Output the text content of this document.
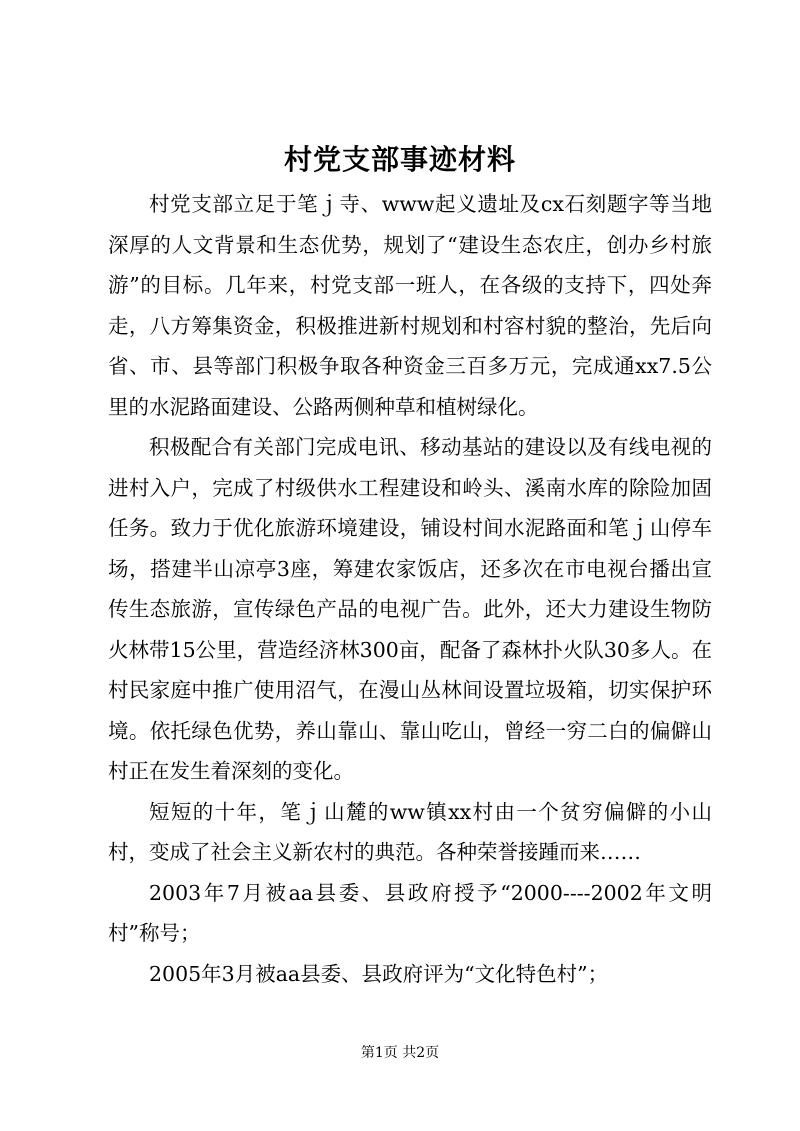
村党支部事迹材料

村党支部立足于笔ｊ寺、www起义遗址及cx石刻题字等当地深厚的人文背景和生态优势，规划了“建设生态农庄，创办乡村旅游”的目标。几年来，村党支部一班人，在各级的支持下，四处奔走，八方筹集资金，积极推进新村规划和村容村貌的整治，先后向省、市、县等部门积极争取各种资金三百多万元，完成通xx7.5公里的水泥路面建设、公路两侧种草和植树绿化。

积极配合有关部门完成电讯、移动基站的建设以及有线电视的进村入户，完成了村级供水工程建设和岭头、溪南水库的除险加固任务。致力于优化旅游环境建设，铺设村间水泥路面和笔ｊ山停车场，搭建半山凉亭3座，筹建农家饭店，还多次在市电视台播出宣传生态旅游，宣传绿色产品的电视广告。此外，还大力建设生物防火林带15公里，营造经济林300亩，配备了森林扑火队30多人。在村民家庭中推广使用沼气，在漫山丛林间设置垃圾箱，切实保护环境。依托绿色优势，养山靠山、靠山吃山，曾经一穷二白的偏僻山村正在发生着深刻的变化。

短短的十年，笔ｊ山麓的ww镇xx村由一个贫穷偏僻的小山村，变成了社会主义新农村的典范。各种荣誉接踵而来……

2003年7月被aa县委、县政府授予“2000----2002年文明村”称号；

2005年3月被aa县委、县政府评为“文化特色村”；

第1页 共2页
